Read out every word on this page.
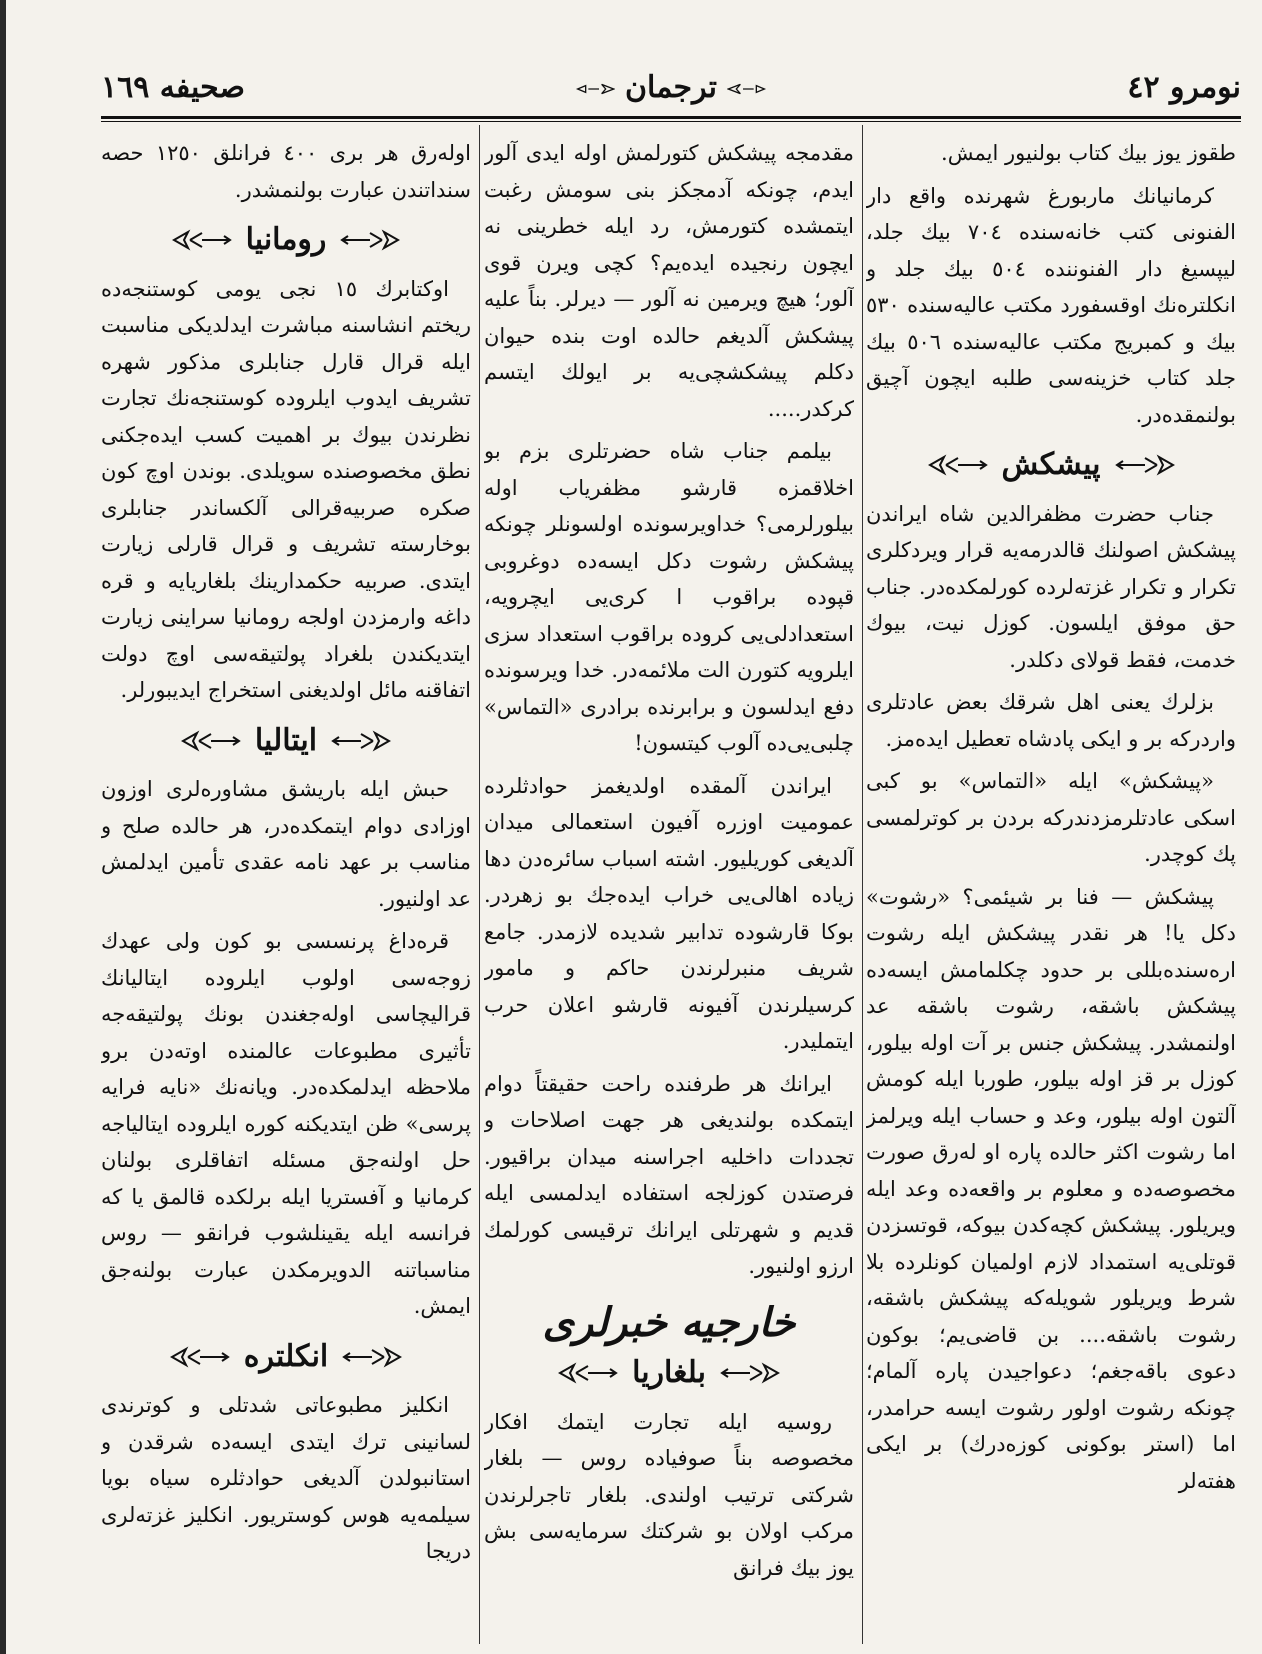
نومرو ٤٢
ترجمان
صحیفه ١٦٩

طقوز یوز بیك كتاب بولنیور ایمش.

كرمانیانك ماربورغ شهرنده واقع دار الفنونی كتب خانه‌سنده ٧٠٤ بیك جلد، لیپسیغ دار الفنوننده ٥٠٤ بیك جلد و انكلتره‌نك اوقسفورد مكتب عالیه‌سنده ٥٣٠ بیك و كمبریج مكتب عالیه‌سنده ٥٠٦ بیك جلد كتاب خزینه‌سی طلبه ایچون آچیق بولنمقده‌در.

پیشكش

جناب حضرت مظفرالدین شاه ایراندن پیشكش اصولنك قالدرمه‌یه قرار ویردكلری تكرار و تكرار غزته‌لرده كورلمكده‌در. جناب حق موفق ایلسون. كوزل نیت، بیوك خدمت، فقط قولای دكلدر.

بزلرك یعنی اهل شرقك بعض عادتلری واردركه بر و ایكی پادشاه تعطیل ایده‌مز.

«پیشكش» ایله «التماس» بو كبی اسكی عادتلرمزدندركه بردن بر كوترلمسی پك كوچدر.

پیشكش — فنا بر شیئمی؟ «رشوت» دكل یا! هر نقدر پیشكش ایله رشوت اره‌سنده‌بللی بر حدود چكلمامش ایسه‌ده پیشكش باشقه، رشوت باشقه عد اولنمشدر. پیشكش جنس بر آت اوله بیلور، كوزل بر قز اوله بیلور، طوربا ایله كومش آلتون اوله بیلور، وعد و حساب ایله ویرلمز اما رشوت اكثر حالده پاره او له‌رق صورت مخصوصه‌ده و معلوم بر واقعه‌ده وعد ایله ویریلور. پیشكش كچه‌كدن بیوكه، قوتسزدن قوتلی‌یه استمداد لازم اولمیان كونلرده بلا شرط ویریلور شویله‌كه پیشكش باشقه، رشوت باشقه.... بن قاضی‌یم؛ بوكون دعوی باقه‌جغم؛ دعواجیدن پاره آلمام؛ چونكه رشوت اولور رشوت ایسه حرامدر، اما (استر بوكونی كوزه‌درك) بر ایكی هفته‌لر

مقدمجه پیشكش كتورلمش اوله ایدی آلور ایدم، چونكه آدمجكز بنی سومش رغبت ایتمشده كتورمش، رد ایله خطرینی نه ایچون رنجیده ایدەیم؟ كچی ویرن قوی آلور؛ هیچ ویرمین نه آلور — دیرلر. بناً علیه پیشكش آلدیغم حالده اوت بنده حیوان دكلم پیشكشچی‌یه بر ایولك ایتسم كركدر.....

بیلمم جناب شاه حضرتلری بزم بو اخلاقمزه قارشو مظفریاب اوله بیلورلرمی؟ خداویرسونده اولسونلر چونكه پیشكش رشوت دكل ایسه‌ده دوغروبی قپوده براقوب ا كری‌یی ایچرویه، استعدادلی‌یی كروده براقوب استعداد سزی ایلرویه كتورن الت ملائمه‌در. خدا ویرسونده دفع ایدلسون و برابرنده برادری «التماس» چلبی‌یی‌ده آلوب كیتسون!

ایراندن آلمقده اولدیغمز حوادثلرده عمومیت اوزره آفیون استعمالی میدان آلدیغی كوریلیور. اشته اسباب سائره‌دن دها زیاده اهالی‌یی خراب ایده‌جك بو زهردر. بوكا قارشوده تدابیر شدیده لازمدر. جامع شریف منبرلرندن حاكم و مامور كرسیلرندن آفیونه قارشو اعلان حرب ایتملیدر.

ایرانك هر طرفنده راحت حقیقتاً دوام ایتمكده بولندیغی هر جهت اصلاحات و تجددات داخلیه اجراسنه میدان براقیور. فرصتدن كوزلجه استفاده ایدلمسی ایله قدیم و شهرتلی ایرانك ترقیسی كورلمك ارزو اولنیور.

خارجیه خبرلری
بلغاریا

روسیه ایله تجارت ایتمك افكار مخصوصه بناً صوفیاده روس — بلغار شركتی ترتیب اولندی. بلغار تاجرلرندن مركب اولان بو شركتك سرمایه‌سی بش یوز بیك فرانق

اوله‌رق هر بری ٤٠٠ فرانلق ١٢٥٠ حصه سنداتندن عبارت بولنمشدر.

رومانیا

اوكتابرك ١٥ نجی یومی كوستنجه‌ده ریختم انشاسنه مباشرت ایدلدیكی مناسبت ایله قرال قارل جنابلری مذكور شهره تشریف ایدوب ایلروده كوستنجه‌نك تجارت نظرندن بیوك بر اهمیت كسب ایده‌جكنی نطق مخصوصنده سویلدی. بوندن اوچ كون صكره صربیه‌قرالی آلكساندر جنابلری بوخارسته تشریف و قرال قارلی زیارت ایتدی. صربیه حكمدارینك بلغاریایه و قره داغه وارمزدن اولجه رومانیا سراینی زیارت ایتدیكندن بلغراد پولتیقه‌سی اوچ دولت اتفاقنه مائل اولدیغنی استخراج ایدیبورلر.

ایتالیا

حبش ایله باریشق مشاوره‌لری اوزون اوزادی دوام ایتمكده‌در، هر حالده صلح و مناسب بر عهد نامه عقدی تأمین ایدلمش عد اولنیور.

قره‌داغ پرنسسی بو كون ولی عهدك زوجه‌سی اولوب ایلروده ایتالیانك قرالیچاسی اوله‌جغندن بونك پولتیقه‌جه تأثیری مطبوعات عالمنده اوته‌دن برو ملاحظه ایدلمكده‌در. ویانه‌نك «نایه فرایه پرسی» ظن ایتدیكنه كوره ایلروده ایتالیاجه حل اولنه‌جق مسئله اتفاقلری بولنان كرمانیا و آفستریا ایله برلكده قالمق یا كه فرانسه ایله یقینلشوب فرانقو — روس مناسباتنه الدویرمكدن عبارت بولنه‌جق ایمش.

انكلتره

انكلیز مطبوعاتی شدتلی و كوترندی لسانینی ترك ایتدی ایسه‌ده شرقدن و استانبولدن آلدیغی حوادثلره سیاه بویا سیلمه‌یه هوس كوستریور. انكلیز غزته‌لری دریجا
